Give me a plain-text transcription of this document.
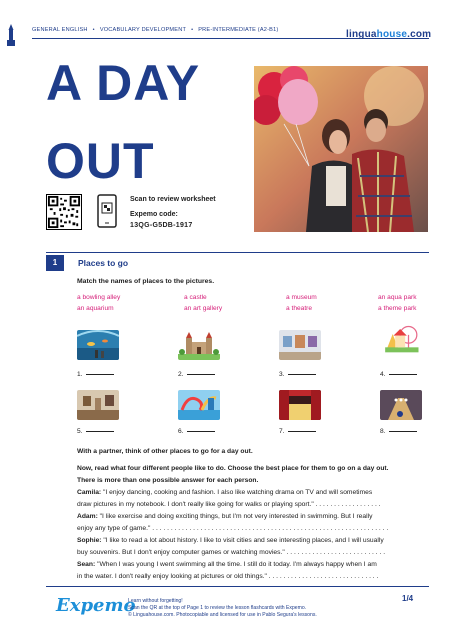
GENERAL ENGLISH • VOCABULARY DEVELOPMENT • PRE-INTERMEDIATE (A2-B1)	linguahouse.com
A DAY
OUT
Scan to review worksheet
Expemo code:
13QG-G5DB-1917
1	Places to go
Match the names of places to the pictures.
a bowling alley
an aquarium
a castle
an art gallery
a museum
a theatre
an aqua park
a theme park
1.	2.	3.	4.
5.	6.	7.	8.
With a partner, think of other places to go for a day out.
Now, read what four different people like to do. Choose the best place for them to go on a day out.
There is more than one possible answer for each person.
Camila: "I enjoy dancing, cooking and fashion. I also like watching drama on TV and will sometimes
draw pictures in my notebook. I don't really like going for walks or playing sport." . . . . . . . . . . . . . . . . . .
Adam: "I like exercise and doing exciting things, but I'm not very interested in swimming. But I really
enjoy any type of game." . . . . . . . . . . . . . . . . . . . . . . . . . . . . . . . . . . . . . . . . . . . . . . . . . . . . . . . . . . . . . . . .
Sophie: "I like to read a lot about history. I like to visit cities and see interesting places, and I will usually
buy souvenirs. But I don't enjoy computer games or watching movies." . . . . . . . . . . . . . . . . . . . . . . . . . . .
Sean: "When I was young I went swimming all the time. I still do it today. I'm always happy when I am
in the water. I don't really enjoy looking at pictures or old things." . . . . . . . . . . . . . . . . . . . . . . . . . . . . . .
Expemo
Learn without forgetting!
Scan the QR at the top of Page 1 to review the lesson flashcards with Expemo.
© Linguahouse.com. Photocopiable and licensed for use in Pablo Segura's lessons.
1/4
